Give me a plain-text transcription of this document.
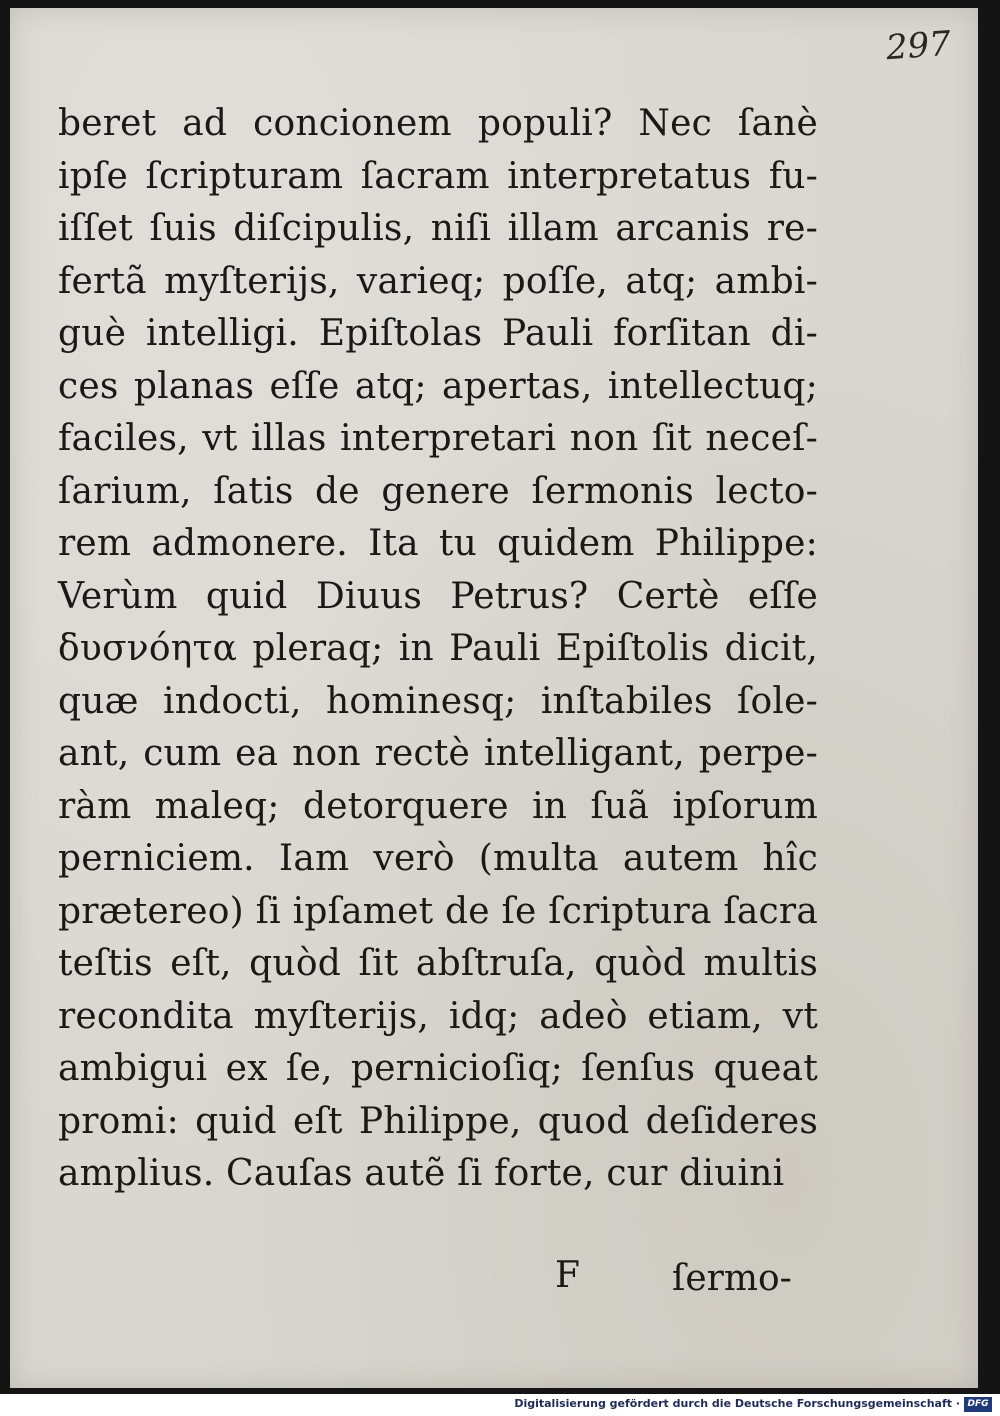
297
beret ad concionem populi? Nec ſanè
ipſe ſcripturam ſacram interpretatus fu-
iſſet ſuis diſcipulis, niſi illam arcanis re-
fertã myſterijs, varieq; poſſe, atq; ambi-
guè intelligi. Epiſtolas Pauli forſitan di-
ces planas eſſe atq; apertas, intellectuq;
faciles, vt illas interpretari non ſit neceſ-
ſarium, ſatis de genere ſermonis lecto-
rem admonere. Ita tu quidem Philippe:
Verùm quid Diuus Petrus? Certè eſſe
δυσνόητα pleraq; in Pauli Epiſtolis dicit,
quæ indocti, hominesq; inſtabiles ſole-
ant, cum ea non rectè intelligant, perpe-
ràm maleq; detorquere in ſuã ipſorum
perniciem. Iam verò (multa autem hîc
prætereo) ſi ipſamet de ſe ſcriptura ſacra
teſtis eſt, quòd ſit abſtruſa, quòd multis
recondita myſterijs, idq; adeò etiam, vt
ambigui ex ſe, pernicioſiq; ſenſus queat
promi: quid eſt Philippe, quod deſideres
amplius. Cauſas autẽ ſi forte, cur diuini
F	ſermo-
Digitalisierung gefördert durch die Deutsche Forschungsgemeinschaft · DFG
